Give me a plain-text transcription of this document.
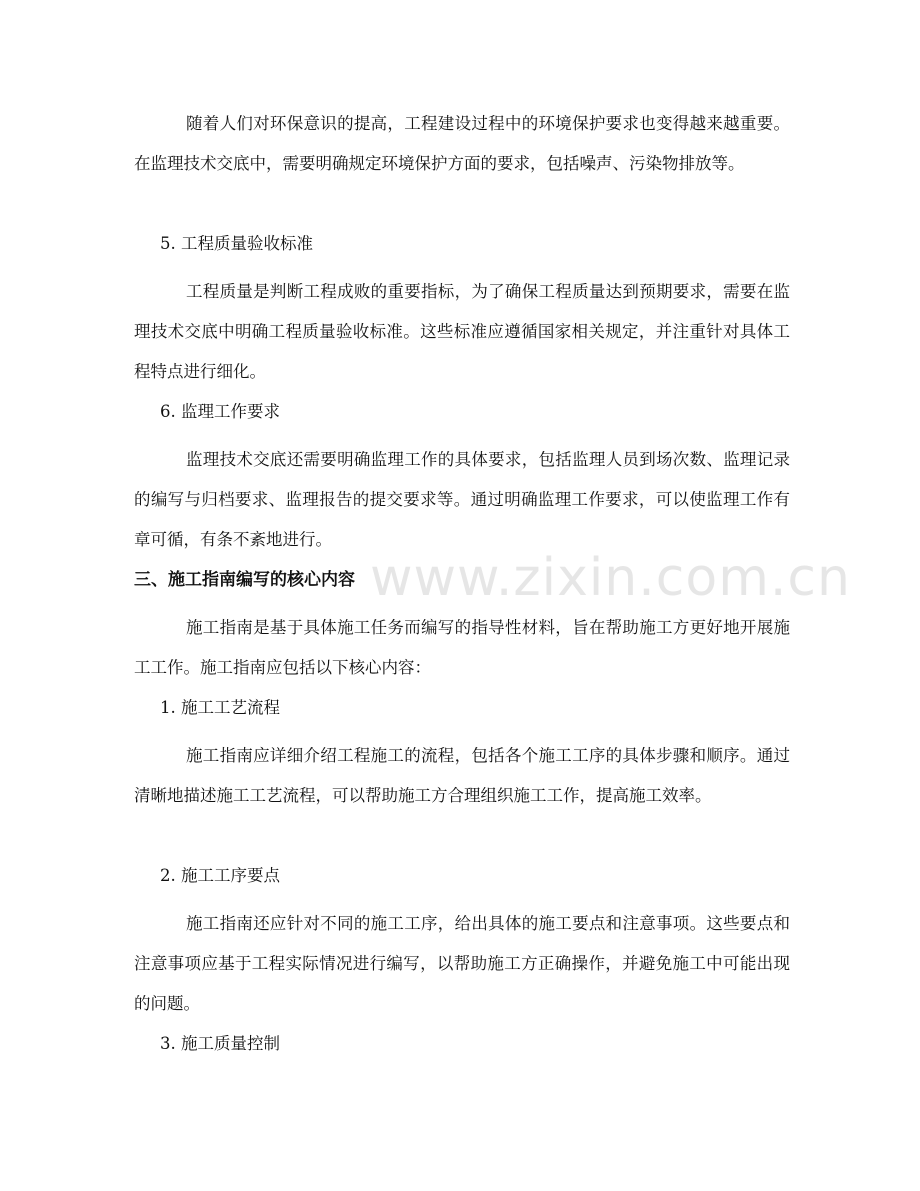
www.zixin.com.cn

随着人们对环保意识的提高，工程建设过程中的环境保护要求也变得越来越重要。在监理技术交底中，需要明确规定环境保护方面的要求，包括噪声、污染物排放等。

5. 工程质量验收标准

工程质量是判断工程成败的重要指标，为了确保工程质量达到预期要求，需要在监理技术交底中明确工程质量验收标准。这些标准应遵循国家相关规定，并注重针对具体工程特点进行细化。

6. 监理工作要求

监理技术交底还需要明确监理工作的具体要求，包括监理人员到场次数、监理记录的编写与归档要求、监理报告的提交要求等。通过明确监理工作要求，可以使监理工作有章可循，有条不紊地进行。

三、施工指南编写的核心内容

施工指南是基于具体施工任务而编写的指导性材料，旨在帮助施工方更好地开展施工工作。施工指南应包括以下核心内容：

1. 施工工艺流程

施工指南应详细介绍工程施工的流程，包括各个施工工序的具体步骤和顺序。通过清晰地描述施工工艺流程，可以帮助施工方合理组织施工工作，提高施工效率。

2. 施工工序要点

施工指南还应针对不同的施工工序，给出具体的施工要点和注意事项。这些要点和注意事项应基于工程实际情况进行编写，以帮助施工方正确操作，并避免施工中可能出现的问题。

3. 施工质量控制
